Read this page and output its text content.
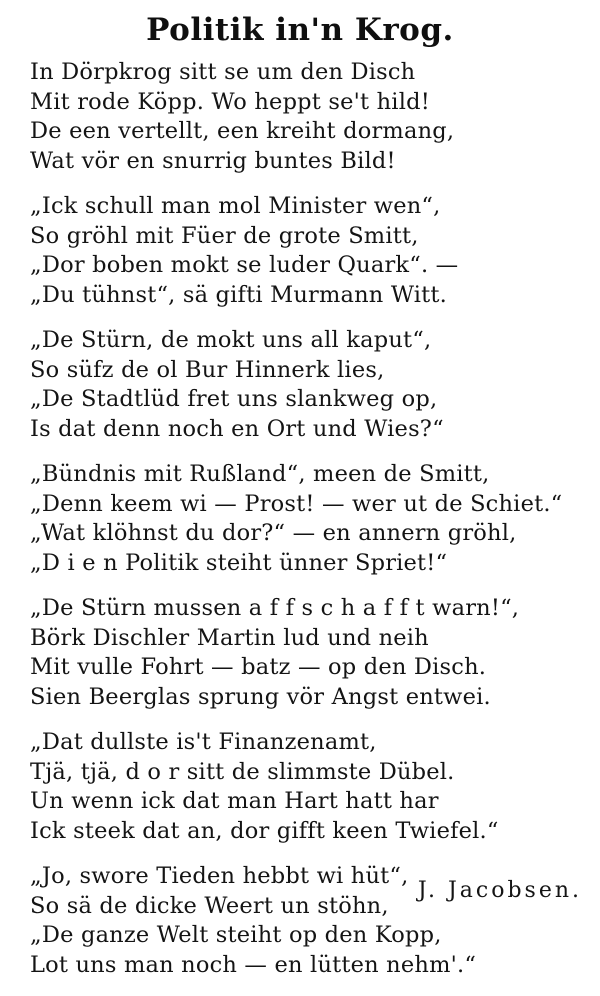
Politik in'n Krog.
In Dörpkrog sitt se um den Disch
Mit rode Köpp. Wo heppt se't hild!
De een vertellt, een kreiht dormang,
Wat vör en snurrig buntes Bild!
„Ick schull man mol Minister wen“,
So gröhl mit Füer de grote Smitt,
„Dor boben mokt se luder Quark“. —
„Du tühnst“, sä gifti Murmann Witt.
„De Stürn, de mokt uns all kaput“,
So süfz de ol Bur Hinnerk lies,
„De Stadtlüd fret uns slankweg op,
Is dat denn noch en Ort und Wies?“
„Bündnis mit Rußland“, meen de Smitt,
„Denn keem wi — Prost! — wer ut de Schiet.“
„Wat klöhnst du dor?“ — en annern gröhl,
„D i e n Politik steiht ünner Spriet!“
„De Stürn mussen a f f s c h a f f t warn!“,
Börk Dischler Martin lud und neih
Mit vulle Fohrt — batz — op den Disch.
Sien Beerglas sprung vör Angst entwei.
„Dat dullste is't Finanzenamt,
Tjä, tjä, d o r sitt de slimmste Dübel.
Un wenn ick dat man Hart hatt har
Ick steek dat an, dor gifft keen Twiefel.“
„Jo, swore Tieden hebbt wi hüt“,
So sä de dicke Weert un stöhn,
„De ganze Welt steiht op den Kopp,
Lot uns man noch — en lütten nehm'.“
J. Jacobsen.
